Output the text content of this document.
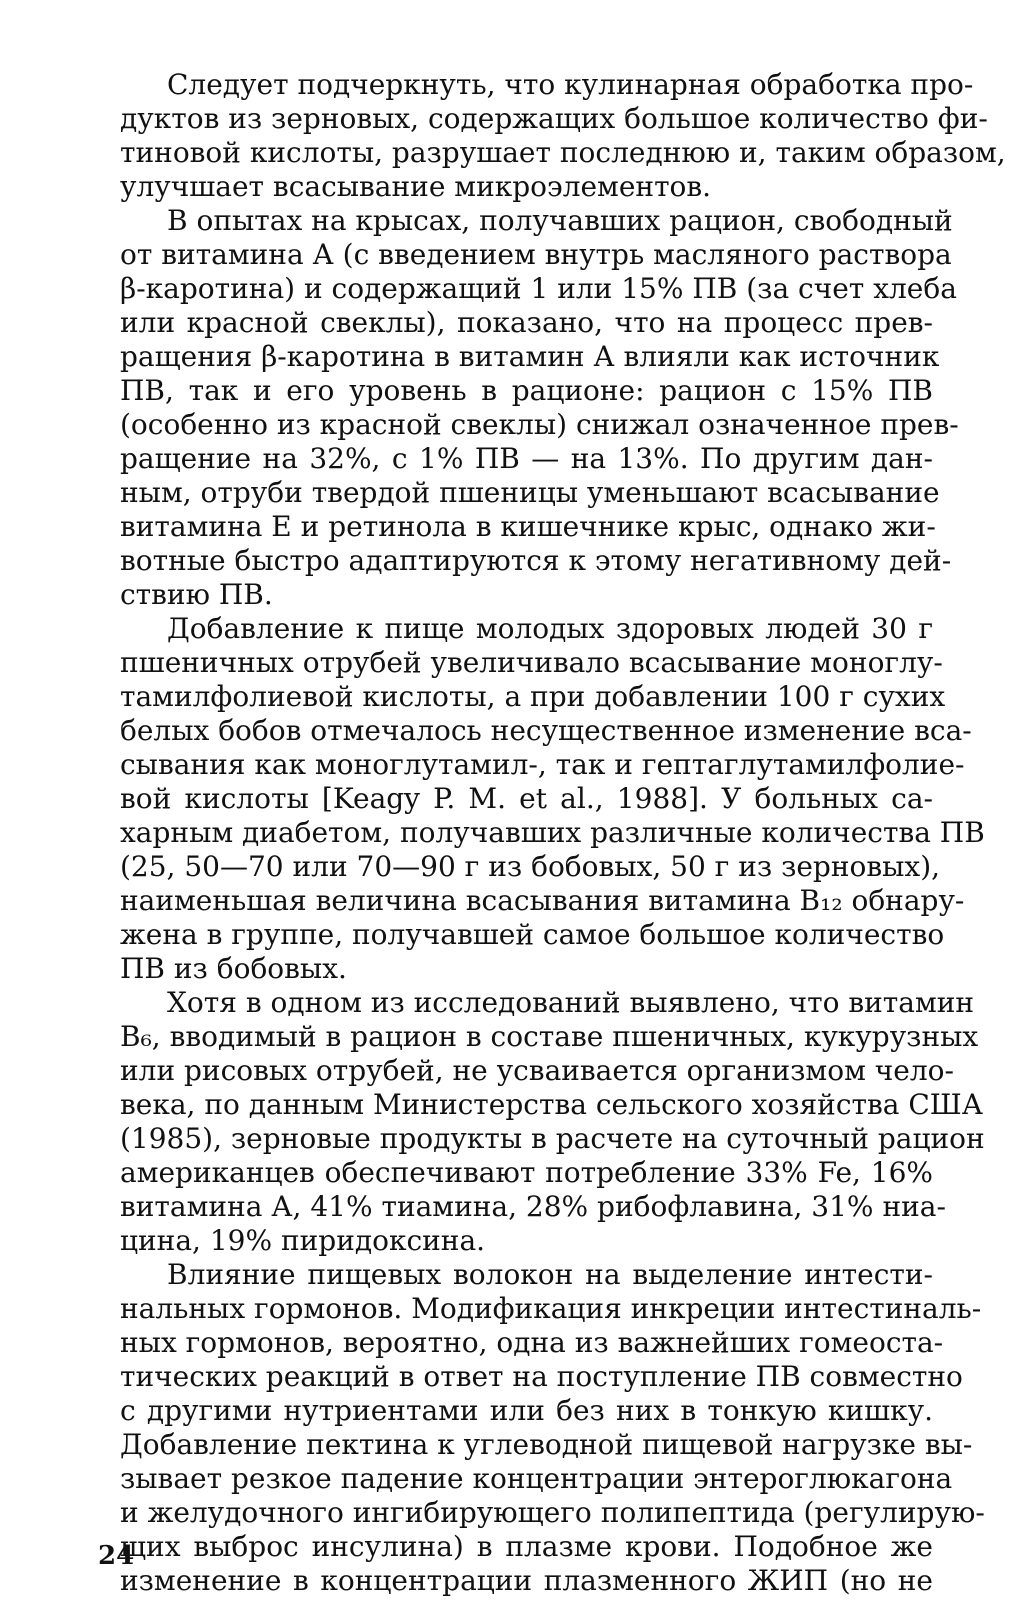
Следует подчеркнуть, что кулинарная обработка про-
дуктов из зерновых, содержащих большое количество фи-
тиновой кислоты, разрушает последнюю и, таким образом,
улучшает всасывание микроэлементов.

В опытах на крысах, получавших рацион, свободный
от витамина А (с введением внутрь масляного раствора
β-каротина) и содержащий 1 или 15% ПВ (за счет хлеба
или красной свеклы), показано, что на процесс прев-
ращения β-каротина в витамин А влияли как источник
ПВ, так и его уровень в рационе: рацион с 15% ПВ
(особенно из красной свеклы) снижал означенное прев-
ращение на 32%, с 1% ПВ — на 13%. По другим дан-
ным, отруби твердой пшеницы уменьшают всасывание
витамина Е и ретинола в кишечнике крыс, однако жи-
вотные быстро адаптируются к этому негативному дей-
ствию ПВ.

Добавление к пище молодых здоровых людей 30 г
пшеничных отрубей увеличивало всасывание моноглу-
тамилфолиевой кислоты, а при добавлении 100 г сухих
белых бобов отмечалось несущественное изменение вса-
сывания как моноглутамил-, так и гептаглутамилфолие-
вой кислоты [Keagy P. M. et al., 1988]. У больных са-
харным диабетом, получавших различные количества ПВ
(25, 50—70 или 70—90 г из бобовых, 50 г из зерновых),
наименьшая величина всасывания витамина B₁₂ обнару-
жена в группе, получавшей самое большое количество
ПВ из бобовых.

Хотя в одном из исследований выявлено, что витамин
B₆, вводимый в рацион в составе пшеничных, кукурузных
или рисовых отрубей, не усваивается организмом чело-
века, по данным Министерства сельского хозяйства США
(1985), зерновые продукты в расчете на суточный рацион
американцев обеспечивают потребление 33% Fe, 16%
витамина А, 41% тиамина, 28% рибофлавина, 31% ниа-
цина, 19% пиридоксина.

Влияние пищевых волокон на выделение интести-
нальных гормонов. Модификация инкреции интестиналь-
ных гормонов, вероятно, одна из важнейших гомеоста-
тических реакций в ответ на поступление ПВ совместно
с другими нутриентами или без них в тонкую кишку.
Добавление пектина к углеводной пищевой нагрузке вы-
зывает резкое падение концентрации энтероглюкагона
и желудочного ингибирующего полипептида (регулирую-
щих выброс инсулина) в плазме крови. Подобное же
изменение в концентрации плазменного ЖИП (но не

24
